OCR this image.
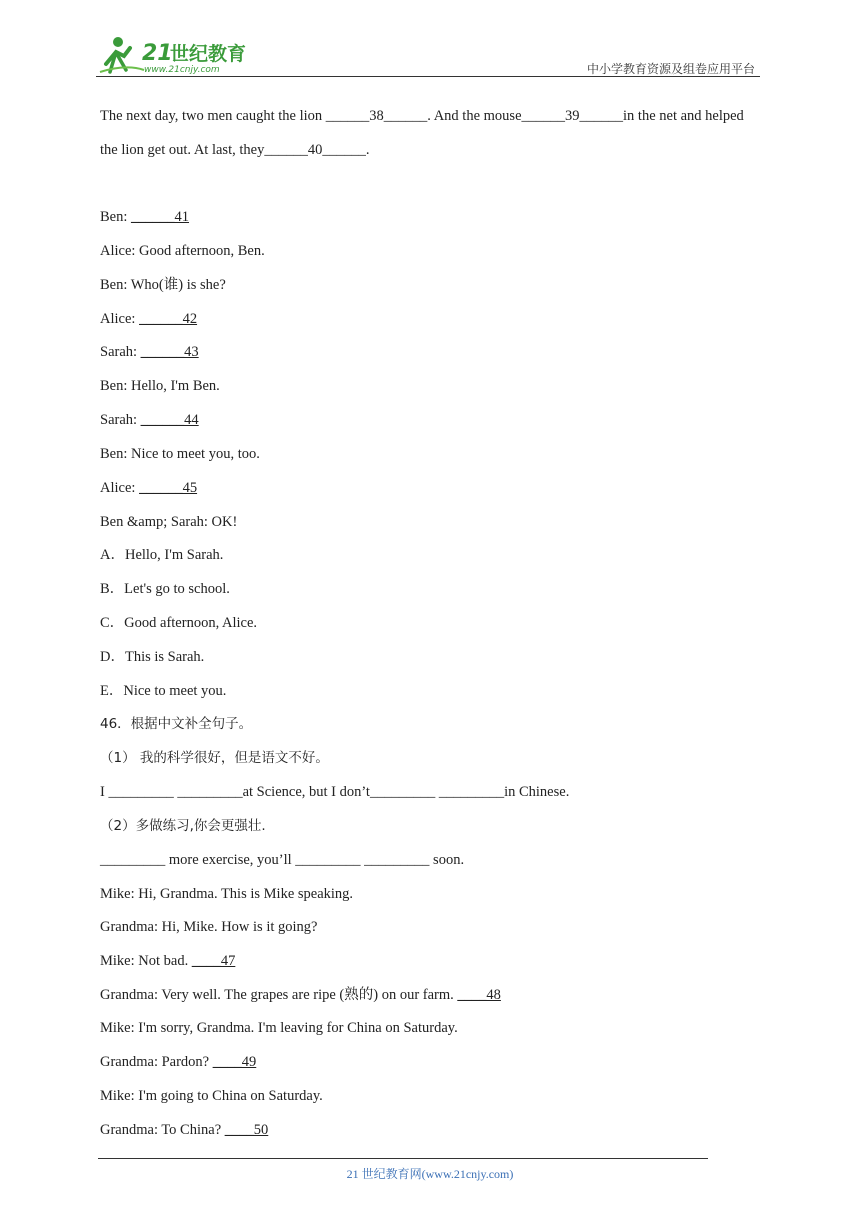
21
世纪教育
www.21cnjy.com	中小学教育资源及组卷应用平台
The next day, two men caught the lion ______38______. And the mouse______39______in the net and helped
the lion get out. At last, they______40______.
Ben: ______41
Alice: Good afternoon, Ben.
Ben: Who(谁) is she?
Alice: ______42
Sarah: ______43
Ben: Hello, I'm Ben.
Sarah: ______44
Ben: Nice to meet you, too.
Alice: ______45
Ben &amp; Sarah: OK!
A．Hello, I'm Sarah.
B．Let's go to school.
C．Good afternoon, Alice.
D．This is Sarah.
E．Nice to meet you.
46．根据中文补全句子。
（1） 我的科学很好，但是语文不好。
I _________ _________at Science, but I don’t_________ _________in Chinese.
（2）多做练习,你会更强壮.
_________ more exercise, you’ll _________ _________ soon.
Mike: Hi, Grandma. This is Mike speaking.
Grandma: Hi, Mike. How is it going?
Mike: Not bad. ____47
Grandma: Very well. The grapes are ripe (熟的) on our farm. ____48
Mike: I'm sorry, Grandma. I'm leaving for China on Saturday.
Grandma: Pardon? ____49
Mike: I'm going to China on Saturday.
Grandma: To China? ____50
21 世纪教育网(www.21cnjy.com)
